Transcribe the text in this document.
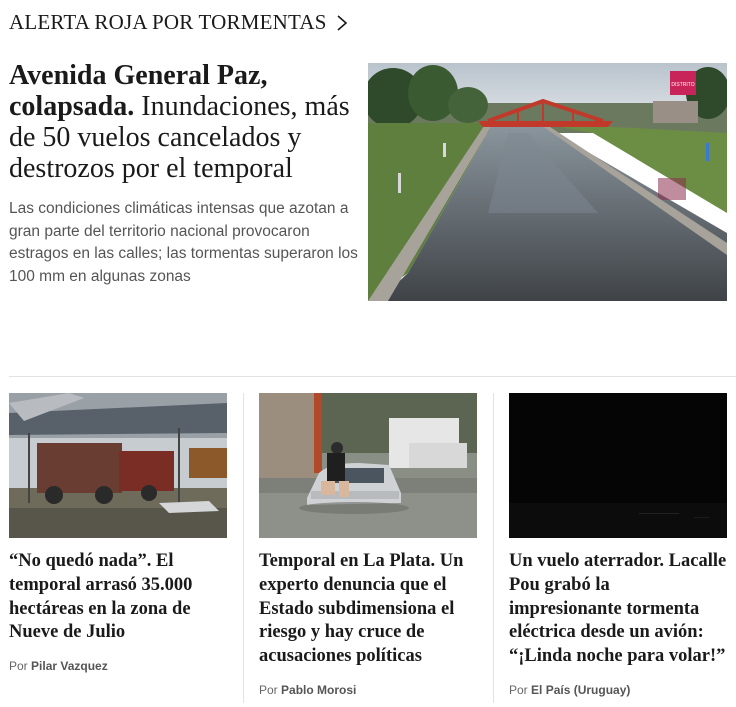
ALERTA ROJA POR TORMENTAS
Avenida General Paz, colapsada. Inundaciones, más de 50 vuelos cancelados y destrozos por el temporal

Las condiciones climáticas intensas que azotan a gran parte del territorio nacional provocaron estragos en las calles; las tormentas superaron los 100 mm en algunas zonas

DISTRITO
“No quedó nada”. El temporal arrasó 35.000 hectáreas en la zona de Nueve de Julio

Por Pilar Vazquez

Temporal en La Plata. Un experto denuncia que el Estado subdimensiona el riesgo y hay cruce de acusaciones políticas

Por Pablo Morosi

Un vuelo aterrador. Lacalle Pou grabó la impresionante tormenta eléctrica desde un avión: “¡Linda noche para volar!”

Por El País (Uruguay)
